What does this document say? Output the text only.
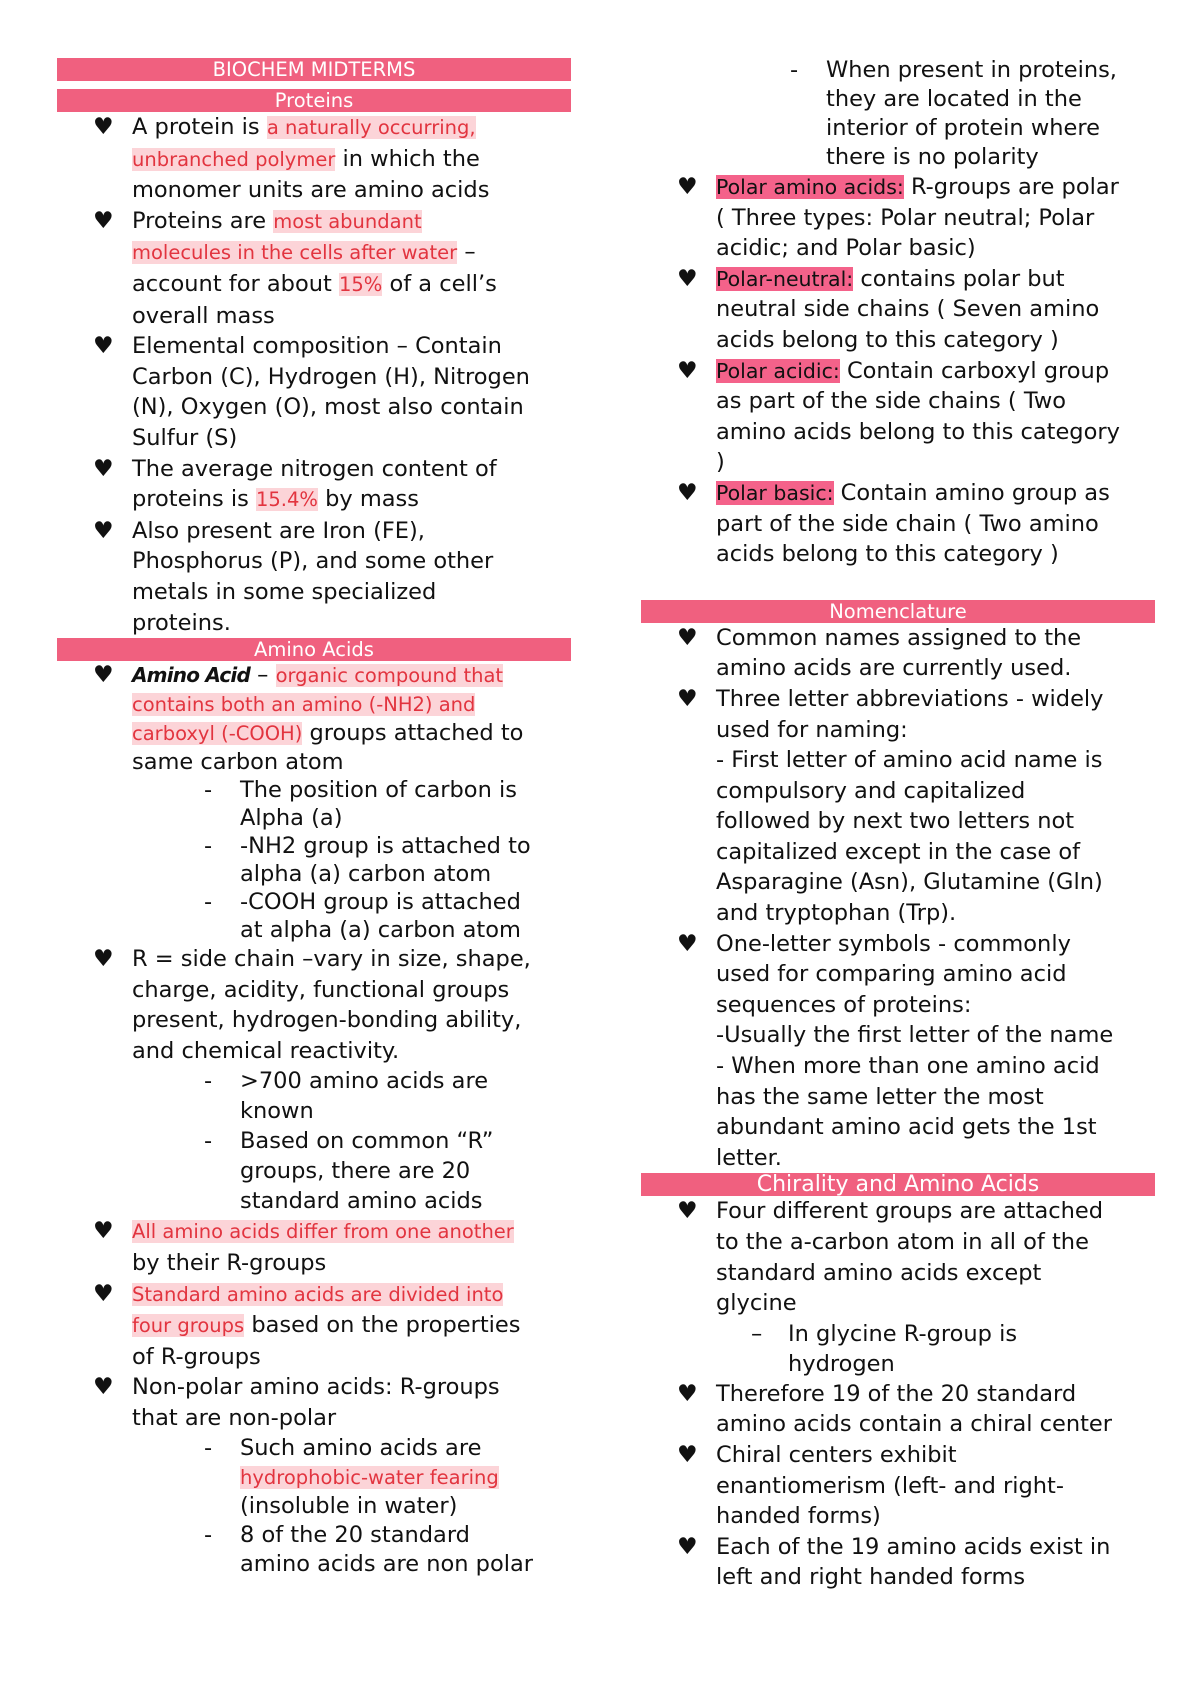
BIOCHEM MIDTERMS
Proteins
♥ A protein is a naturally occurring,
unbranched polymer in which the
monomer units are amino acids
♥ Proteins are most abundant
molecules in the cells after water –
account for about 15% of a cell’s
overall mass
♥ Elemental composition – Contain
Carbon (C), Hydrogen (H), Nitrogen
(N), Oxygen (O), most also contain
Sulfur (S)
♥ The average nitrogen content of
proteins is 15.4% by mass
♥ Also present are Iron (FE),
Phosphorus (P), and some other
metals in some specialized
proteins.
Amino Acids
♥ Amino Acid – organic compound that
contains both an amino (-NH2) and
carboxyl (-COOH) groups attached to
same carbon atom
- The position of carbon is
Alpha (a)
- -NH2 group is attached to
alpha (a) carbon atom
- -COOH group is attached
at alpha (a) carbon atom
♥ R = side chain –vary in size, shape,
charge, acidity, functional groups
present, hydrogen-bonding ability,
and chemical reactivity.
- >700 amino acids are
known
- Based on common “R”
groups, there are 20
standard amino acids
♥ All amino acids differ from one another
by their R-groups
♥ Standard amino acids are divided into
four groups based on the properties
of R-groups
♥ Non-polar amino acids: R-groups
that are non-polar
- Such amino acids are
hydrophobic-water fearing
(insoluble in water)
- 8 of the 20 standard
amino acids are non polar
- When present in proteins,
they are located in the
interior of protein where
there is no polarity
♥ Polar amino acids: R-groups are polar
( Three types: Polar neutral; Polar
acidic; and Polar basic)
♥ Polar-neutral: contains polar but
neutral side chains ( Seven amino
acids belong to this category )
♥ Polar acidic: Contain carboxyl group
as part of the side chains ( Two
amino acids belong to this category
)
♥ Polar basic: Contain amino group as
part of the side chain ( Two amino
acids belong to this category )
Nomenclature
♥ Common names assigned to the
amino acids are currently used.
♥ Three letter abbreviations - widely
used for naming:
- First letter of amino acid name is
compulsory and capitalized
followed by next two letters not
capitalized except in the case of
Asparagine (Asn), Glutamine (Gln)
and tryptophan (Trp).
♥ One-letter symbols - commonly
used for comparing amino acid
sequences of proteins:
-Usually the first letter of the name
- When more than one amino acid
has the same letter the most
abundant amino acid gets the 1st
letter.
Chirality and Amino Acids
♥ Four different groups are attached
to the a-carbon atom in all of the
standard amino acids except
glycine
– In glycine R-group is
hydrogen
♥ Therefore 19 of the 20 standard
amino acids contain a chiral center
♥ Chiral centers exhibit
enantiomerism (left- and right-
handed forms)
♥ Each of the 19 amino acids exist in
left and right handed forms
